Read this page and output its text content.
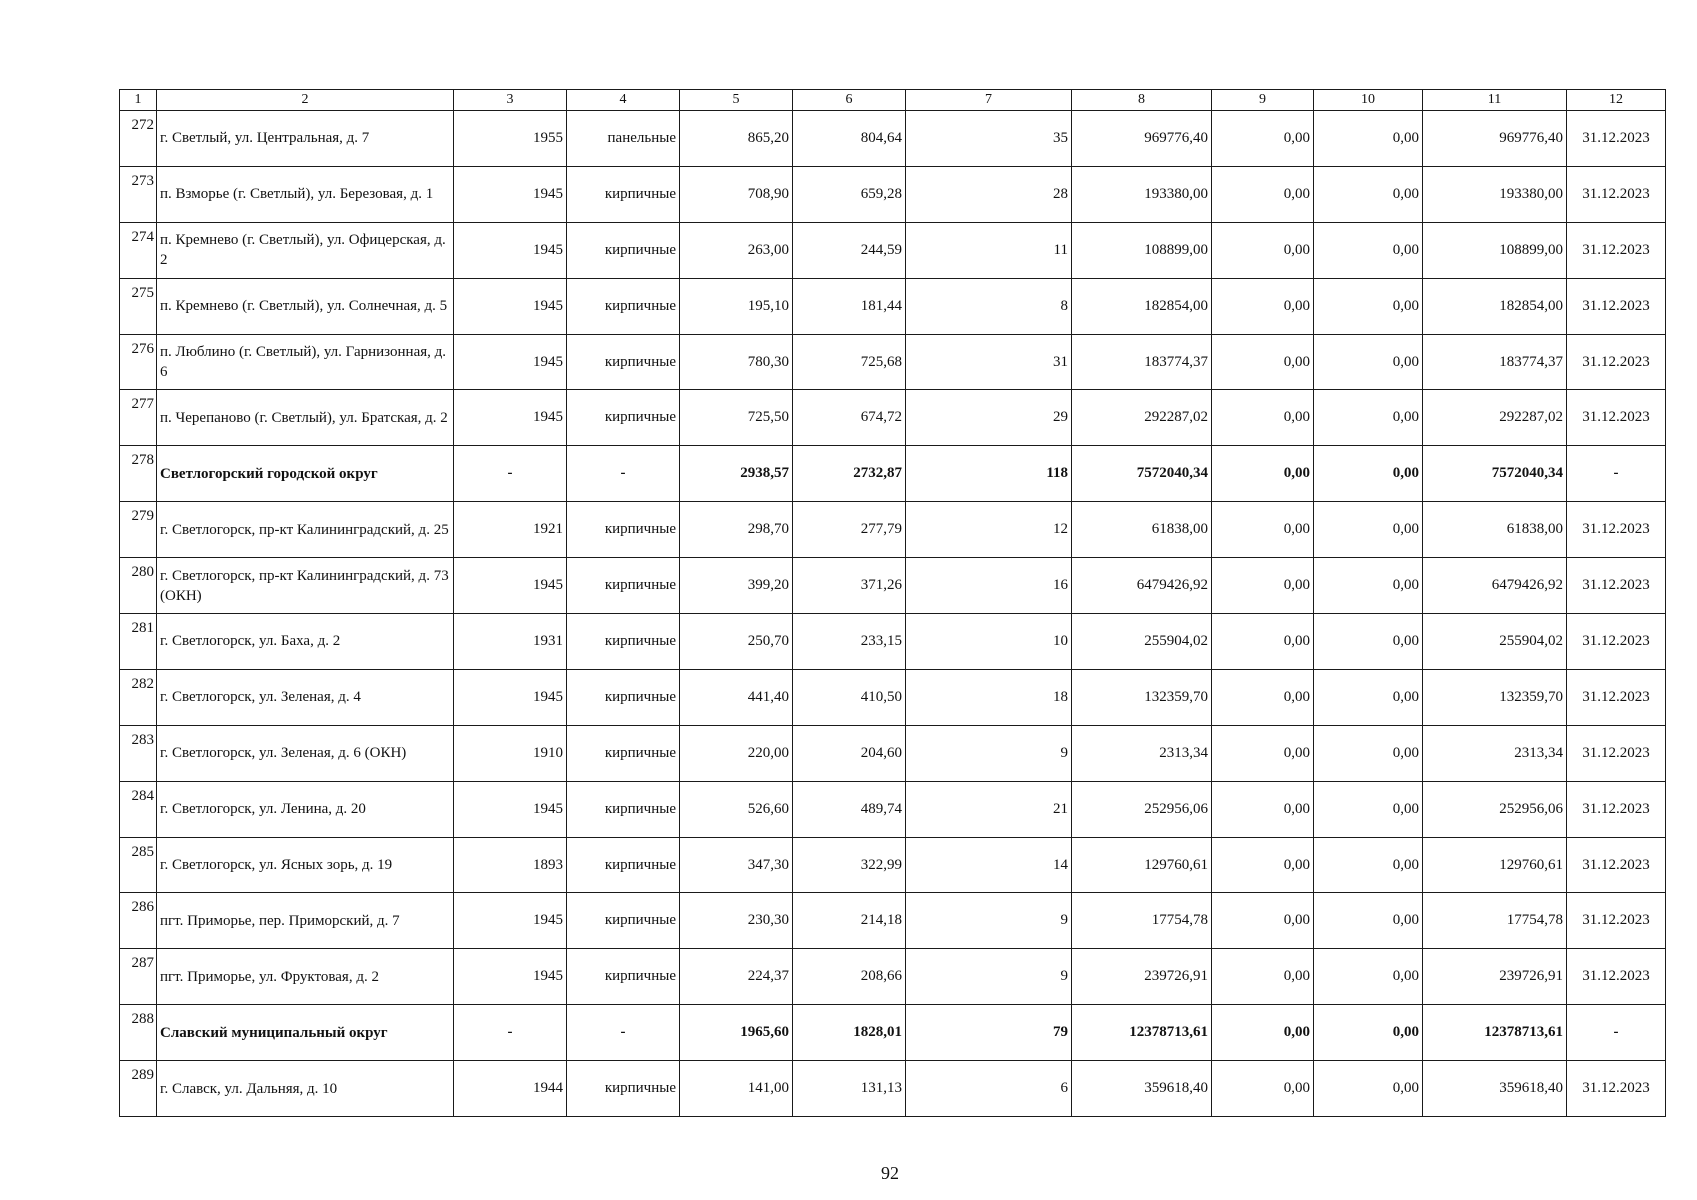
1	2	3	4	5	6	7	8	9	10	11	12
272	г. Светлый, ул. Центральная, д. 7	1955	панельные	865,20	804,64	35	969776,40	0,00	0,00	969776,40	31.12.2023
273	п. Взморье (г. Светлый), ул. Березовая, д. 1	1945	кирпичные	708,90	659,28	28	193380,00	0,00	0,00	193380,00	31.12.2023
274	п. Кремнево (г. Светлый), ул. Офицерская, д. 2	1945	кирпичные	263,00	244,59	11	108899,00	0,00	0,00	108899,00	31.12.2023
275	п. Кремнево (г. Светлый), ул. Солнечная, д. 5	1945	кирпичные	195,10	181,44	8	182854,00	0,00	0,00	182854,00	31.12.2023
276	п. Люблино (г. Светлый), ул. Гарнизонная, д. 6	1945	кирпичные	780,30	725,68	31	183774,37	0,00	0,00	183774,37	31.12.2023
277	п. Черепаново (г. Светлый), ул. Братская, д. 2	1945	кирпичные	725,50	674,72	29	292287,02	0,00	0,00	292287,02	31.12.2023
278	Светлогорский городской округ	-	-	2938,57	2732,87	118	7572040,34	0,00	0,00	7572040,34	-
279	г. Светлогорск, пр-кт Калининградский, д. 25	1921	кирпичные	298,70	277,79	12	61838,00	0,00	0,00	61838,00	31.12.2023
280	г. Светлогорск, пр-кт Калининградский, д. 73 (ОКН)	1945	кирпичные	399,20	371,26	16	6479426,92	0,00	0,00	6479426,92	31.12.2023
281	г. Светлогорск, ул. Баха, д. 2	1931	кирпичные	250,70	233,15	10	255904,02	0,00	0,00	255904,02	31.12.2023
282	г. Светлогорск, ул. Зеленая, д. 4	1945	кирпичные	441,40	410,50	18	132359,70	0,00	0,00	132359,70	31.12.2023
283	г. Светлогорск, ул. Зеленая, д. 6 (ОКН)	1910	кирпичные	220,00	204,60	9	2313,34	0,00	0,00	2313,34	31.12.2023
284	г. Светлогорск, ул. Ленина, д. 20	1945	кирпичные	526,60	489,74	21	252956,06	0,00	0,00	252956,06	31.12.2023
285	г. Светлогорск, ул. Ясных зорь, д. 19	1893	кирпичные	347,30	322,99	14	129760,61	0,00	0,00	129760,61	31.12.2023
286	пгт. Приморье, пер. Приморский, д. 7	1945	кирпичные	230,30	214,18	9	17754,78	0,00	0,00	17754,78	31.12.2023
287	пгт. Приморье, ул. Фруктовая, д. 2	1945	кирпичные	224,37	208,66	9	239726,91	0,00	0,00	239726,91	31.12.2023
288	Славский муниципальный округ	-	-	1965,60	1828,01	79	12378713,61	0,00	0,00	12378713,61	-
289	г. Славск, ул. Дальняя, д. 10	1944	кирпичные	141,00	131,13	6	359618,40	0,00	0,00	359618,40	31.12.2023
92
